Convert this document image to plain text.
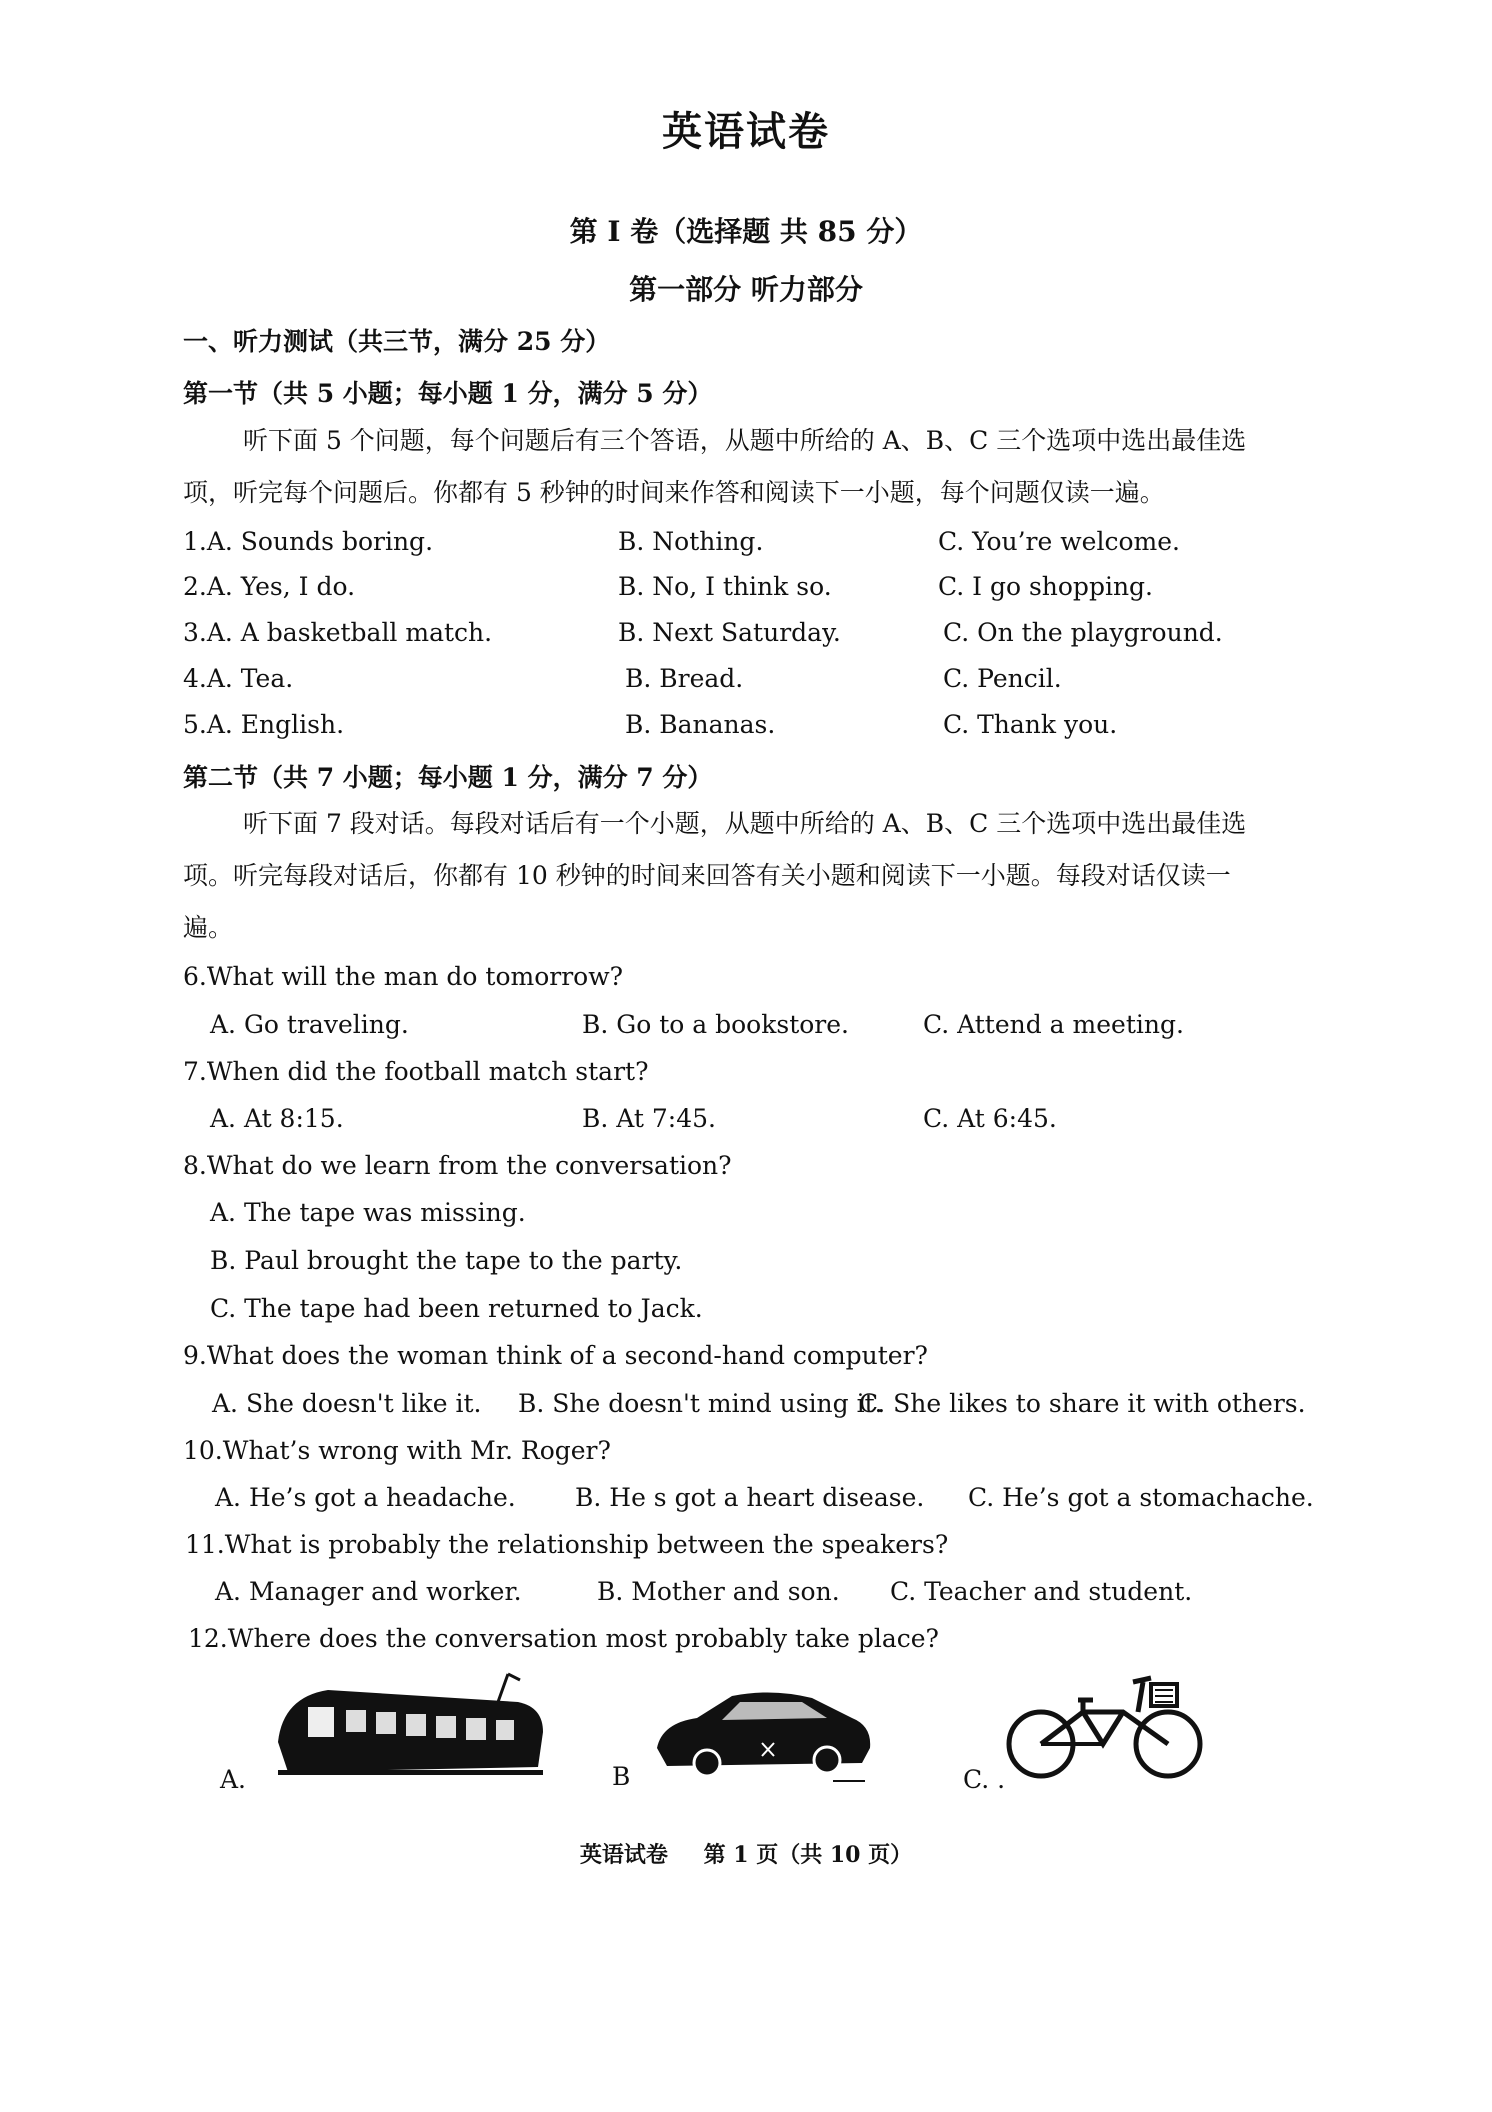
英语试卷
第 I 卷（选择题 共 85 分）
第一部分 听力部分
一、听力测试（共三节，满分 25 分）
第一节（共 5 小题；每小题 1 分，满分 5 分）
听下面 5 个问题，每个问题后有三个答语，从题中所给的 A、B、C 三个选项中选出最佳选项，听完每个问题后。你都有 5 秒钟的时间来作答和阅读下一小题，每个问题仅读一遍。
1.A. Sounds boring.	B. Nothing.	C. You’re welcome.
2.A. Yes, I do.	B. No, I think so.	C. I go shopping.
3.A. A basketball match.	B. Next Saturday.	C. On the playground.
4.A. Tea.	B. Bread.	C. Pencil.
5.A. English.	B. Bananas.	C. Thank you.
第二节（共 7 小题；每小题 1 分，满分 7 分）
听下面 7 段对话。每段对话后有一个小题，从题中所给的 A、B、C 三个选项中选出最佳选项。听完每段对话后，你都有 10 秒钟的时间来回答有关小题和阅读下一小题。每段对话仅读一遍。
6.What will the man do tomorrow?
A. Go traveling.	B. Go to a bookstore.	C. Attend a meeting.
7.When did the football match start?
A. At 8:15.	B. At 7:45.	C. At 6:45.
8.What do we learn from the conversation?
A. The tape was missing.
B. Paul brought the tape to the party.
C. The tape had been returned to Jack.
9.What does the woman think of a second-hand computer?
A. She doesn't like it. B. She doesn't mind using it.
C. She likes to share it with others.
10.What’s wrong with Mr. Roger?
A. He’s got a headache. B. He s got a heart disease. C. He’s got a stomachache.
11.What is probably the relationship between the speakers?
A. Manager and worker.	B. Mother and son. C. Teacher and student.
12.Where does the conversation most probably take place?
A.	B	C. .
英语试卷 第 1 页（共 10 页）
